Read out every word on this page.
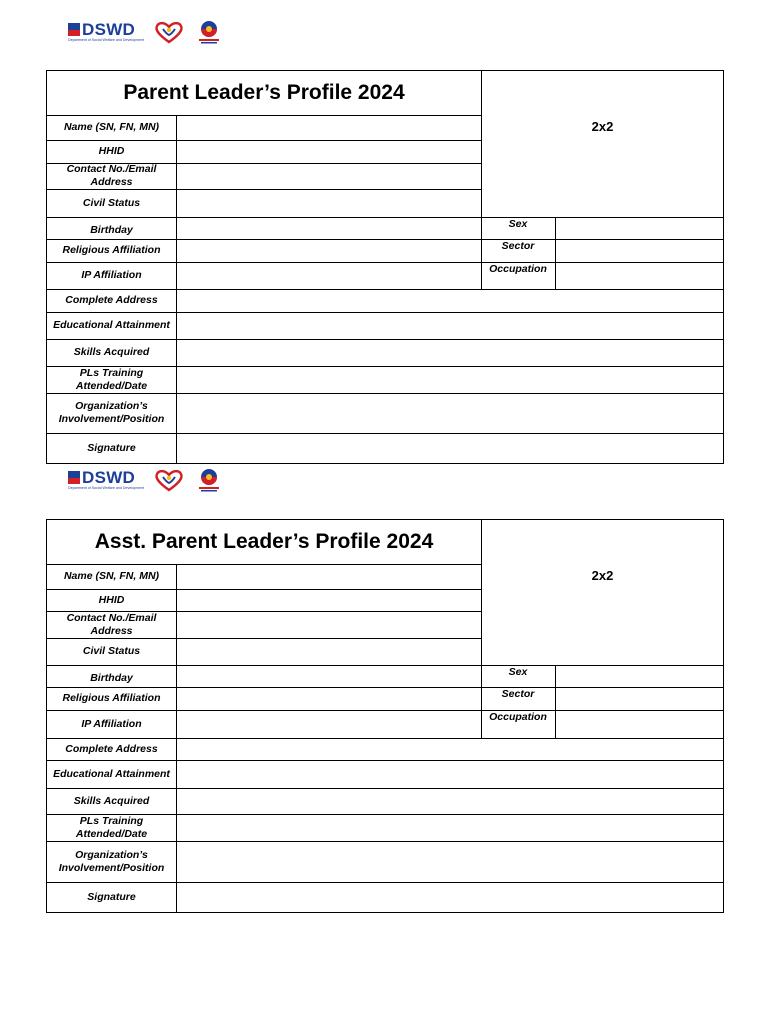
DSWD
Department of Social Welfare and Development
Parent Leader’s Profile 2024
2x2
Name (SN, FN, MN)
HHID
Contact No./Email Address
Civil Status
Birthday
Religious Affiliation
IP Affiliation
Complete Address
Educational Attainment
Skills Acquired
PLs Training Attended/Date
Organization’s Involvement/Position
Signature
Sex
Sector
Occupation
DSWD
Department of Social Welfare and Development
Asst. Parent Leader’s Profile 2024
2x2
Name (SN, FN, MN)
HHID
Contact No./Email Address
Civil Status
Birthday
Religious Affiliation
IP Affiliation
Complete Address
Educational Attainment
Skills Acquired
PLs Training Attended/Date
Organization’s Involvement/Position
Signature
Sex
Sector
Occupation
